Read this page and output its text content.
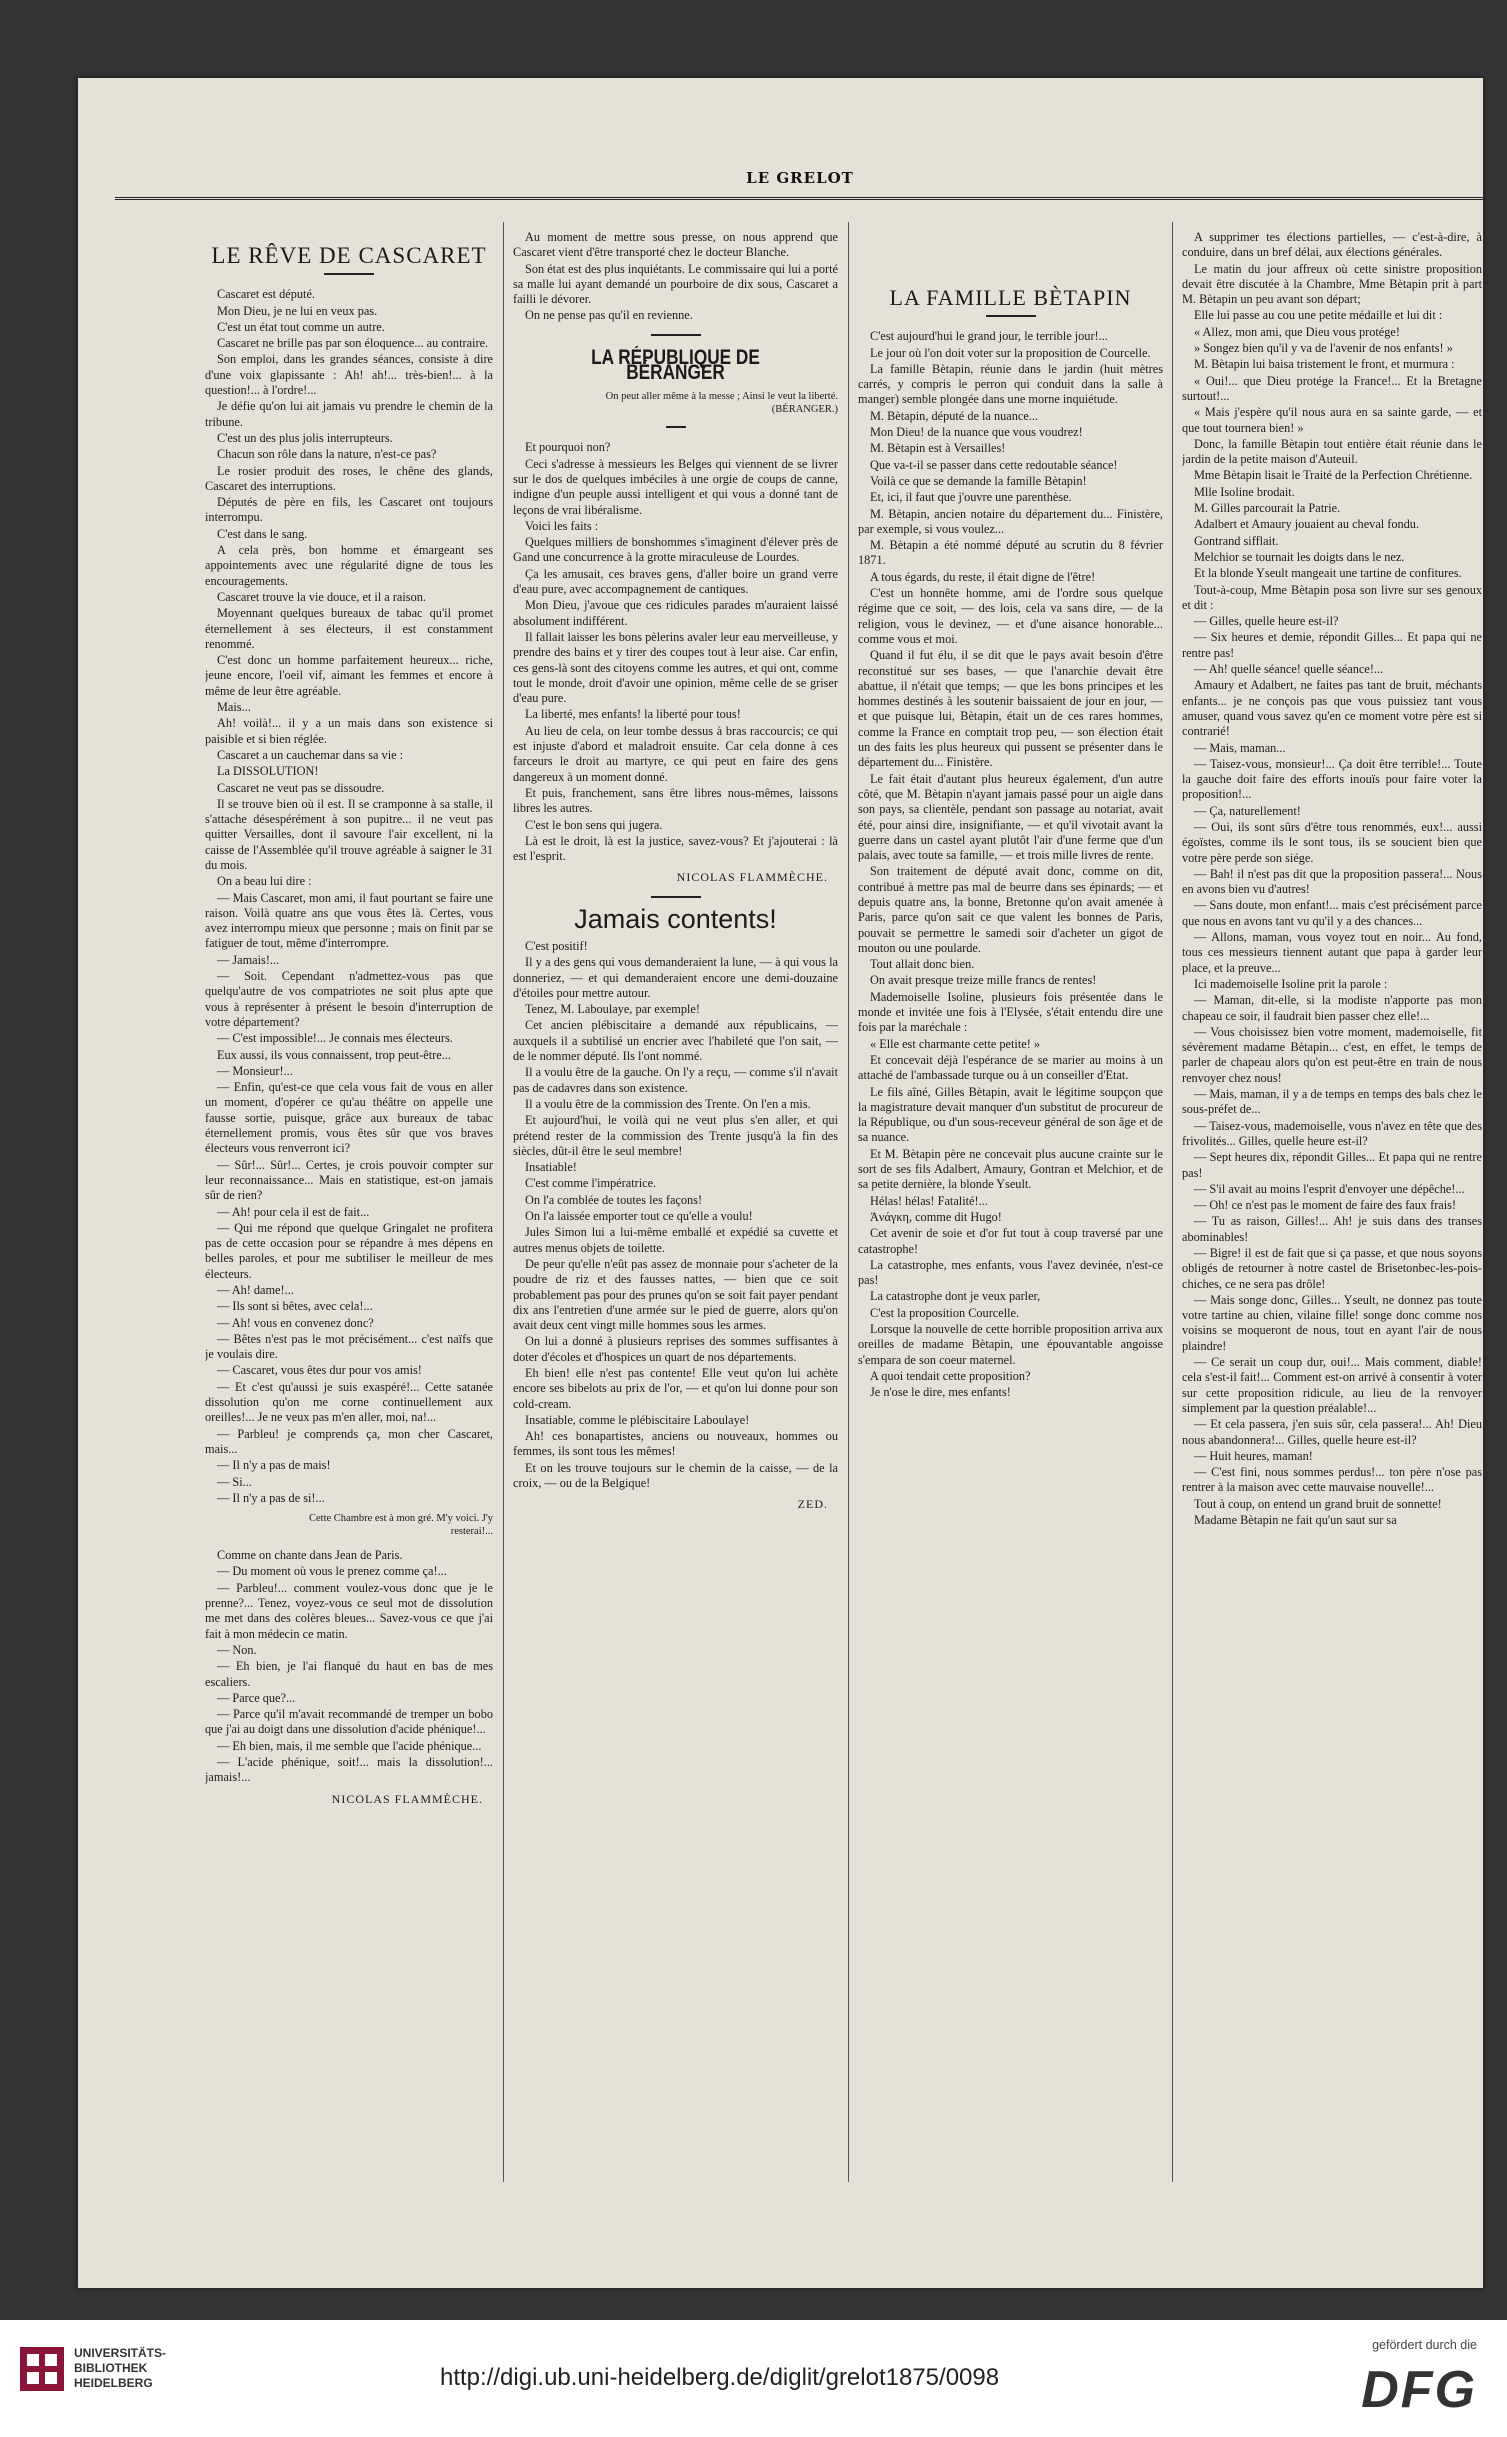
LE GRELOT
LE RÊVE DE CASCARET

Cascaret est député.

Mon Dieu, je ne lui en veux pas.

C'est un état tout comme un autre.

Cascaret ne brille pas par son éloquence... au contraire.

Son emploi, dans les grandes séances, consiste à dire d'une voix glapissante : Ah! ah!... très-bien!... à la question!... à l'ordre!...

Je défie qu'on lui ait jamais vu prendre le chemin de la tribune.

C'est un des plus jolis interrupteurs.

Chacun son rôle dans la nature, n'est-ce pas?

Le rosier produit des roses, le chêne des glands, Cascaret des interruptions.

Députés de père en fils, les Cascaret ont toujours interrompu.

C'est dans le sang.

A cela près, bon homme et émargeant ses appointements avec une régularité digne de tous les encouragements.

Cascaret trouve la vie douce, et il a raison.

Moyennant quelques bureaux de tabac qu'il promet éternellement à ses électeurs, il est constamment renommé.

C'est donc un homme parfaitement heureux... riche, jeune encore, l'oeil vif, aimant les femmes et encore à même de leur être agréable.

Mais...

Ah! voilà!... il y a un mais dans son existence si paisible et si bien réglée.

Cascaret a un cauchemar dans sa vie :

La DISSOLUTION!

Cascaret ne veut pas se dissoudre.

Il se trouve bien où il est. Il se cramponne à sa stalle, il s'attache désespérément à son pupitre... il ne veut pas quitter Versailles, dont il savoure l'air excellent, ni la caisse de l'Assemblée qu'il trouve agréable à saigner le 31 du mois.

On a beau lui dire :

— Mais Cascaret, mon ami, il faut pourtant se faire une raison. Voilà quatre ans que vous êtes là. Certes, vous avez interrompu mieux que personne ; mais on finit par se fatiguer de tout, même d'interrompre.

— Jamais!...

— Soit. Cependant n'admettez-vous pas que quelqu'autre de vos compatriotes ne soit plus apte que vous à représenter à présent le besoin d'interruption de votre département?

— C'est impossible!... Je connais mes électeurs.

Eux aussi, ils vous connaissent, trop peut-être...

— Monsieur!...

— Enfin, qu'est-ce que cela vous fait de vous en aller un moment, d'opérer ce qu'au théâtre on appelle une fausse sortie, puisque, grâce aux bureaux de tabac éternellement promis, vous êtes sûr que vos braves électeurs vous renverront ici?

— Sûr!... Sûr!... Certes, je crois pouvoir compter sur leur reconnaissance... Mais en statistique, est-on jamais sûr de rien?

— Ah! pour cela il est de fait...

— Qui me répond que quelque Gringalet ne profitera pas de cette occasion pour se répandre à mes dépens en belles paroles, et pour me subtiliser le meilleur de mes électeurs.

— Ah! dame!...

— Ils sont si bêtes, avec cela!...

— Ah! vous en convenez donc?

— Bêtes n'est pas le mot précisément... c'est naïfs que je voulais dire.

— Cascaret, vous êtes dur pour vos amis!

— Et c'est qu'aussi je suis exaspéré!... Cette satanée dissolution qu'on me corne continuellement aux oreilles!... Je ne veux pas m'en aller, moi, na!...

— Parbleu! je comprends ça, mon cher Cascaret, mais...

— Il n'y a pas de mais!

— Si...

— Il n'y a pas de si!...

Cette Chambre est à mon gré. M'y voici. J'y resterai!...

Comme on chante dans Jean de Paris.

— Du moment où vous le prenez comme ça!...

— Parbleu!... comment voulez-vous donc que je le prenne?... Tenez, voyez-vous ce seul mot de dissolution me met dans des colères bleues... Savez-vous ce que j'ai fait à mon médecin ce matin.

— Non.

— Eh bien, je l'ai flanqué du haut en bas de mes escaliers.

— Parce que?...

— Parce qu'il m'avait recommandé de tremper un bobo que j'ai au doigt dans une dissolution d'acide phénique!...

— Eh bien, mais, il me semble que l'acide phénique...

— L'acide phénique, soit!... mais la dissolution!... jamais!...

NICOLAS FLAMMÈCHE.

Au moment de mettre sous presse, on nous apprend que Cascaret vient d'être transporté chez le docteur Blanche.

Son état est des plus inquiétants. Le commissaire qui lui a porté sa malle lui ayant demandé un pourboire de dix sous, Cascaret a failli le dévorer.

On ne pense pas qu'il en revienne.

LA RÉPUBLIQUE DE BÉRANGER
On peut aller même à la messe ; Ainsi le veut la liberté. (BÉRANGER.)

Et pourquoi non?

Ceci s'adresse à messieurs les Belges qui viennent de se livrer sur le dos de quelques imbéciles à une orgie de coups de canne, indigne d'un peuple aussi intelligent et qui vous a donné tant de leçons de vrai libéralisme.

Voici les faits :

Quelques milliers de bonshommes s'imaginent d'élever près de Gand une concurrence à la grotte miraculeuse de Lourdes.

Ça les amusait, ces braves gens, d'aller boire un grand verre d'eau pure, avec accompagnement de cantiques.

Mon Dieu, j'avoue que ces ridicules parades m'auraient laissé absolument indifférent.

Il fallait laisser les bons pèlerins avaler leur eau merveilleuse, y prendre des bains et y tirer des coupes tout à leur aise. Car enfin, ces gens-là sont des citoyens comme les autres, et qui ont, comme tout le monde, droit d'avoir une opinion, même celle de se griser d'eau pure.

La liberté, mes enfants! la liberté pour tous!

Au lieu de cela, on leur tombe dessus à bras raccourcis; ce qui est injuste d'abord et maladroit ensuite. Car cela donne à ces farceurs le droit au martyre, ce qui peut en faire des gens dangereux à un moment donné.

Et puis, franchement, sans être libres nous-mêmes, laissons libres les autres.

C'est le bon sens qui jugera.

Là est le droit, là est la justice, savez-vous? Et j'ajouterai : là est l'esprit.

NICOLAS FLAMMÈCHE.
Jamais contents!

C'est positif!

Il y a des gens qui vous demanderaient la lune, — à qui vous la donneriez, — et qui demanderaient encore une demi-douzaine d'étoiles pour mettre autour.

Tenez, M. Laboulaye, par exemple!

Cet ancien plébiscitaire a demandé aux républicains, — auxquels il a subtilisé un encrier avec l'habileté que l'on sait, — de le nommer député. Ils l'ont nommé.

Il a voulu être de la gauche. On l'y a reçu, — comme s'il n'avait pas de cadavres dans son existence.

Il a voulu être de la commission des Trente. On l'en a mis.

Et aujourd'hui, le voilà qui ne veut plus s'en aller, et qui prétend rester de la commission des Trente jusqu'à la fin des siècles, dût-il être le seul membre!

Insatiable!

C'est comme l'impératrice.

On l'a comblée de toutes les façons!

On l'a laissée emporter tout ce qu'elle a voulu!

Jules Simon lui a lui-même emballé et expédié sa cuvette et autres menus objets de toilette.

De peur qu'elle n'eût pas assez de monnaie pour s'acheter de la poudre de riz et des fausses nattes, — bien que ce soit probablement pas pour des prunes qu'on se soit fait payer pendant dix ans l'entretien d'une armée sur le pied de guerre, alors qu'on avait deux cent vingt mille hommes sous les armes.

On lui a donné à plusieurs reprises des sommes suffisantes à doter d'écoles et d'hospices un quart de nos départements.

Eh bien! elle n'est pas contente! Elle veut qu'on lui achète encore ses bibelots au prix de l'or, — et qu'on lui donne pour son cold-cream.

Insatiable, comme le plébiscitaire Laboulaye!

Ah! ces bonapartistes, anciens ou nouveaux, hommes ou femmes, ils sont tous les mêmes!

Et on les trouve toujours sur le chemin de la caisse, — de la croix, — ou de la Belgique!

ZED.
LA FAMILLE BÈTAPIN

C'est aujourd'hui le grand jour, le terrible jour!...

Le jour où l'on doit voter sur la proposition de Courcelle.

La famille Bètapin, réunie dans le jardin (huit mètres carrés, y compris le perron qui conduit dans la salle à manger) semble plongée dans une morne inquiétude.

M. Bètapin, député de la nuance...

Mon Dieu! de la nuance que vous voudrez!

M. Bètapin est à Versailles!

Que va-t-il se passer dans cette redoutable séance!

Voilà ce que se demande la famille Bètapin!

Et, ici, il faut que j'ouvre une parenthèse.

M. Bètapin, ancien notaire du département du... Finistère, par exemple, si vous voulez...

M. Bètapin a été nommé député au scrutin du 8 février 1871.

A tous égards, du reste, il était digne de l'être!

C'est un honnête homme, ami de l'ordre sous quelque régime que ce soit, — des lois, cela va sans dire, — de la religion, vous le devinez, — et d'une aisance honorable... comme vous et moi.

Quand il fut élu, il se dit que le pays avait besoin d'être reconstitué sur ses bases, — que l'anarchie devait être abattue, il n'était que temps; — que les bons principes et les hommes destinés à les soutenir baissaient de jour en jour, — et que puisque lui, Bètapin, était un de ces rares hommes, comme la France en comptait trop peu, — son élection était un des faits les plus heureux qui pussent se présenter dans le département du... Finistère.

Le fait était d'autant plus heureux également, d'un autre côté, que M. Bètapin n'ayant jamais passé pour un aigle dans son pays, sa clientèle, pendant son passage au notariat, avait été, pour ainsi dire, insignifiante, — et qu'il vivotait avant la guerre dans un castel ayant plutôt l'air d'une ferme que d'un palais, avec toute sa famille, — et trois mille livres de rente.

Son traitement de député avait donc, comme on dit, contribué à mettre pas mal de beurre dans ses épinards; — et depuis quatre ans, la bonne, Bretonne qu'on avait amenée à Paris, parce qu'on sait ce que valent les bonnes de Paris, pouvait se permettre le samedi soir d'acheter un gigot de mouton ou une poularde.

Tout allait donc bien.

On avait presque treize mille francs de rentes!

Mademoiselle Isoline, plusieurs fois présentée dans le monde et invitée une fois à l'Elysée, s'était entendu dire une fois par la maréchale :

« Elle est charmante cette petite! »

Et concevait déjà l'espérance de se marier au moins à un attaché de l'ambassade turque ou à un conseiller d'Etat.

Le fils aîné, Gilles Bètapin, avait le légitime soupçon que la magistrature devait manquer d'un substitut de procureur de la République, ou d'un sous-receveur général de son âge et de sa nuance.

Et M. Bètapin père ne concevait plus aucune crainte sur le sort de ses fils Adalbert, Amaury, Gontran et Melchior, et de sa petite dernière, la blonde Yseult.

Hélas! hélas! Fatalité!...

Ἀνάγκη, comme dit Hugo!

Cet avenir de soie et d'or fut tout à coup traversé par une catastrophe!

La catastrophe, mes enfants, vous l'avez devinée, n'est-ce pas!

La catastrophe dont je veux parler,

C'est la proposition Courcelle.

Lorsque la nouvelle de cette horrible proposition arriva aux oreilles de madame Bètapin, une épouvantable angoisse s'empara de son coeur maternel.

A quoi tendait cette proposition?

Je n'ose le dire, mes enfants!

A supprimer tes élections partielles, — c'est-à-dire, à conduire, dans un bref délai, aux élections générales.

Le matin du jour affreux où cette sinistre proposition devait être discutée à la Chambre, Mme Bètapin prit à part M. Bètapin un peu avant son départ;

Elle lui passe au cou une petite médaille et lui dit :

« Allez, mon ami, que Dieu vous protége!

» Songez bien qu'il y va de l'avenir de nos enfants! »

M. Bètapin lui baisa tristement le front, et murmura :

« Oui!... que Dieu protége la France!... Et la Bretagne surtout!...

« Mais j'espère qu'il nous aura en sa sainte garde, — et que tout tournera bien! »

Donc, la famille Bètapin tout entière était réunie dans le jardin de la petite maison d'Auteuil.

Mme Bètapin lisait le Traité de la Perfection Chrétienne.

Mlle Isoline brodait.

M. Gilles parcourait la Patrie.

Adalbert et Amaury jouaient au cheval fondu.

Gontrand sifflait.

Melchior se tournait les doigts dans le nez.

Et la blonde Yseult mangeait une tartine de confitures.

Tout-à-coup, Mme Bètapin posa son livre sur ses genoux et dit :

— Gilles, quelle heure est-il?

— Six heures et demie, répondit Gilles... Et papa qui ne rentre pas!

— Ah! quelle séance! quelle séance!...

Amaury et Adalbert, ne faites pas tant de bruit, méchants enfants... je ne conçois pas que vous puissiez tant vous amuser, quand vous savez qu'en ce moment votre père est si contrarié!

— Mais, maman...

— Taisez-vous, monsieur!... Ça doit être terrible!... Toute la gauche doit faire des efforts inouïs pour faire voter la proposition!...

— Ça, naturellement!

— Oui, ils sont sûrs d'être tous renommés, eux!... aussi égoïstes, comme ils le sont tous, ils se soucient bien que votre père perde son siége.

— Bah! il n'est pas dit que la proposition passera!... Nous en avons bien vu d'autres!

— Sans doute, mon enfant!... mais c'est précisément parce que nous en avons tant vu qu'il y a des chances...

— Allons, maman, vous voyez tout en noir... Au fond, tous ces messieurs tiennent autant que papa à garder leur place, et la preuve...

Ici mademoiselle Isoline prit la parole :

— Maman, dit-elle, si la modiste n'apporte pas mon chapeau ce soir, il faudrait bien passer chez elle!...

— Vous choisissez bien votre moment, mademoiselle, fit sévèrement madame Bètapin... c'est, en effet, le temps de parler de chapeau alors qu'on est peut-être en train de nous renvoyer chez nous!

— Mais, maman, il y a de temps en temps des bals chez le sous-préfet de...

— Taisez-vous, mademoiselle, vous n'avez en tête que des frivolités... Gilles, quelle heure est-il?

— Sept heures dix, répondit Gilles... Et papa qui ne rentre pas!

— S'il avait au moins l'esprit d'envoyer une dépêche!...

— Oh! ce n'est pas le moment de faire des faux frais!

— Tu as raison, Gilles!... Ah! je suis dans des transes abominables!

— Bigre! il est de fait que si ça passe, et que nous soyons obligés de retourner à notre castel de Brisetonbec-les-pois-chiches, ce ne sera pas drôle!

— Mais songe donc, Gilles... Yseult, ne donnez pas toute votre tartine au chien, vilaine fille! songe donc comme nos voisins se moqueront de nous, tout en ayant l'air de nous plaindre!

— Ce serait un coup dur, oui!... Mais comment, diable! cela s'est-il fait!... Comment est-on arrivé à consentir à voter sur cette proposition ridicule, au lieu de la renvoyer simplement par la question préalable!...

— Et cela passera, j'en suis sûr, cela passera!... Ah! Dieu nous abandonnera!... Gilles, quelle heure est-il?

— Huit heures, maman!

— C'est fini, nous sommes perdus!... ton père n'ose pas rentrer à la maison avec cette mauvaise nouvelle!...

Tout à coup, on entend un grand bruit de sonnette!

Madame Bètapin ne fait qu'un saut sur sa

UNIVERSITÄTS-
BIBLIOTHEK
HEIDELBERG	http://digi.ub.uni-heidelberg.de/diglit/grelot1875/0098
gefördert durch die
DFG
